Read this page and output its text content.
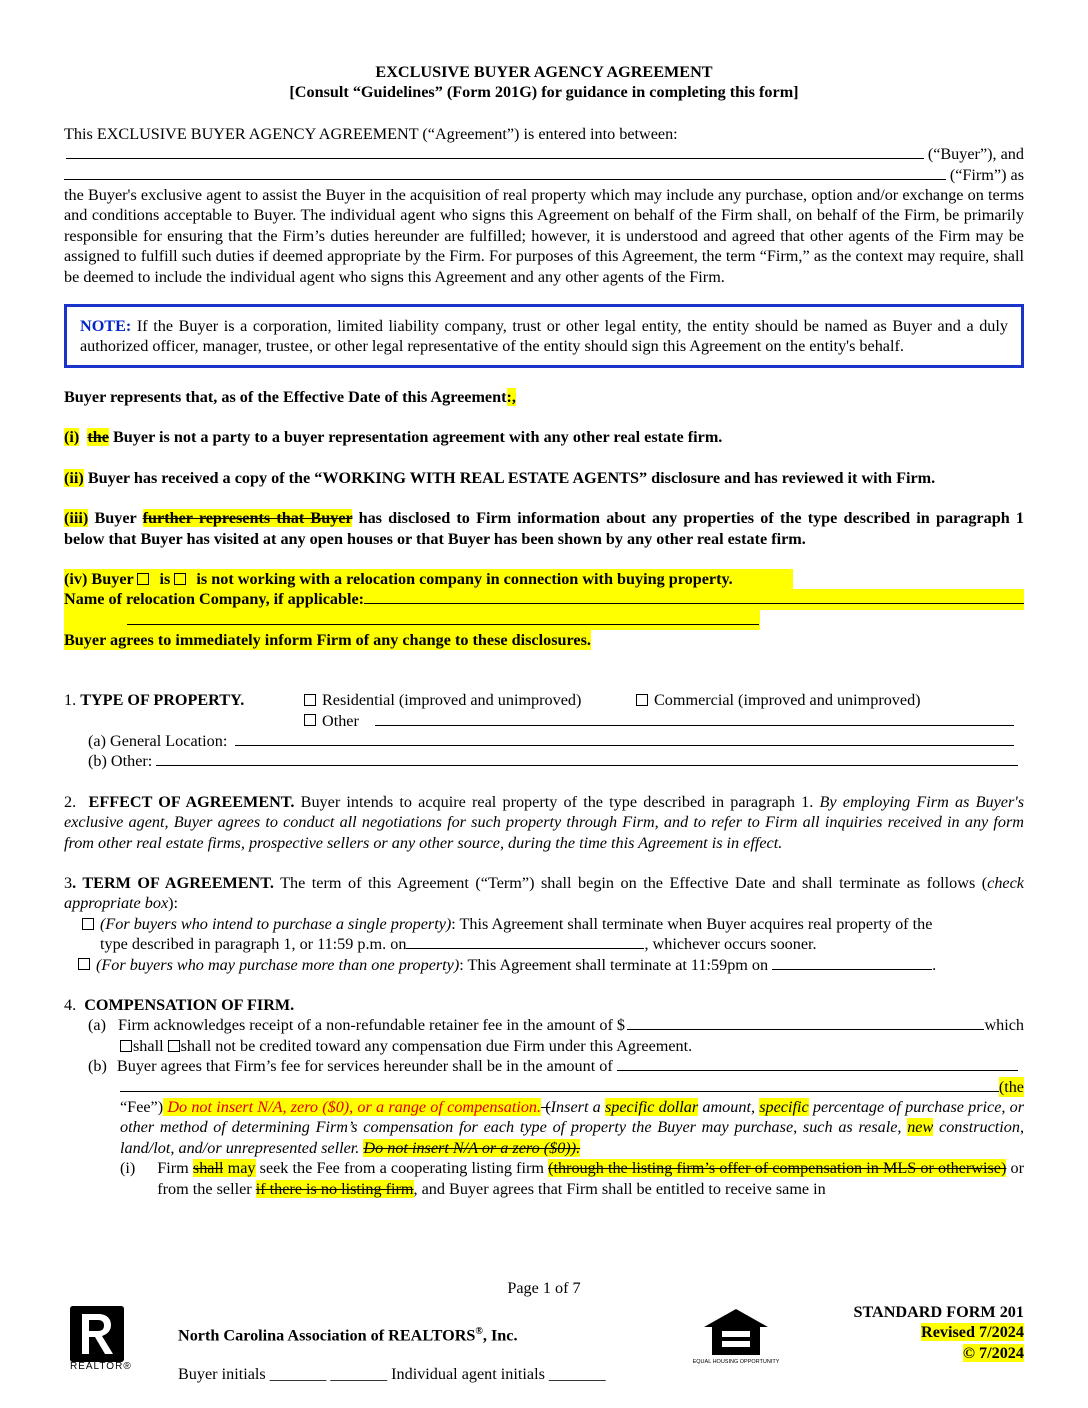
EXCLUSIVE BUYER AGENCY AGREEMENT
[Consult “Guidelines” (Form 201G) for guidance in completing this form]
This EXCLUSIVE BUYER AGENCY AGREEMENT (“Agreement”) is entered into between:
(“Buyer”), and
(“Firm”) as
the Buyer's exclusive agent to assist the Buyer in the acquisition of real property which may include any purchase, option and/or exchange on terms and conditions acceptable to Buyer. The individual agent who signs this Agreement on behalf of the Firm shall, on behalf of the Firm, be primarily responsible for ensuring that the Firm’s duties hereunder are fulfilled; however, it is understood and agreed that other agents of the Firm may be assigned to fulfill such duties if deemed appropriate by the Firm. For purposes of this Agreement, the term “Firm,” as the context may require, shall be deemed to include the individual agent who signs this Agreement and any other agents of the Firm.
NOTE: If the Buyer is a corporation, limited liability company, trust or other legal entity, the entity should be named as Buyer and a duly authorized officer, manager, trustee, or other legal representative of the entity should sign this Agreement on the entity's behalf.
Buyer represents that, as of the Effective Date of this Agreement:,
(i) the Buyer is not a party to a buyer representation agreement with any other real estate firm.
(ii) Buyer has received a copy of the “WORKING WITH REAL ESTATE AGENTS” disclosure and has reviewed it with Firm.
(iii) Buyer further represents that Buyer has disclosed to Firm information about any properties of the type described in paragraph 1 below that Buyer has visited at any open houses or that Buyer has been shown by any other real estate firm.
(iv) Buyer  is  is not working with a relocation company in connection with buying property.
Name of relocation Company, if applicable:
Buyer agrees to immediately inform Firm of any change to these disclosures.
1.
TYPE OF PROPERTY.	Residential (improved and unimproved)	Commercial (improved and unimproved)
Other
(a) General Location:
(b) Other:
2. EFFECT OF AGREEMENT. Buyer intends to acquire real property of the type described in paragraph 1. By employing Firm as Buyer's exclusive agent, Buyer agrees to conduct all negotiations for such property through Firm, and to refer to Firm all inquiries received in any form from other real estate firms, prospective sellers or any other source, during the time this Agreement is in effect.
3. TERM OF AGREEMENT. The term of this Agreement (“Term”) shall begin on the Effective Date and shall terminate as follows (check appropriate box):
(For buyers who intend to purchase a single property): This Agreement shall terminate when Buyer acquires real property of the
type described in paragraph 1, or 11:59 p.m. on	, whichever occurs sooner.
(For buyers who may purchase more than one property) : This Agreement shall terminate at 11:59pm on	.
4. COMPENSATION OF FIRM.
(a)
Firm acknowledges receipt of a non-refundable retainer fee in the amount of $	which
shall shall not be credited toward any compensation due Firm under this Agreement.
(b)
Buyer agrees that Firm’s fee for services hereunder shall be in the amount of
(the
“Fee”) Do not insert N/A, zero ($0), or a range of compensation. (Insert a specific dollar amount, specific percentage of purchase price, or other method of determining Firm’s compensation for each type of property the Buyer may purchase, such as resale, new construction, land/lot, and/or unrepresented seller. Do not insert N/A or a zero ($0)).
(i) Firm shall may seek the Fee from a cooperating listing firm (through the listing firm’s offer of compensation in MLS or otherwise) or from the seller if there is no listing firm, and Buyer agrees that Firm shall be entitled to receive same in
Page 1 of 7
REALTOR®
North Carolina Association of REALTORS®, Inc.
Buyer initials _______ _______ Individual agent initials _______
EQUAL HOUSING OPPORTUNITY
STANDARD FORM 201
Revised 7/2024
© 7/2024
